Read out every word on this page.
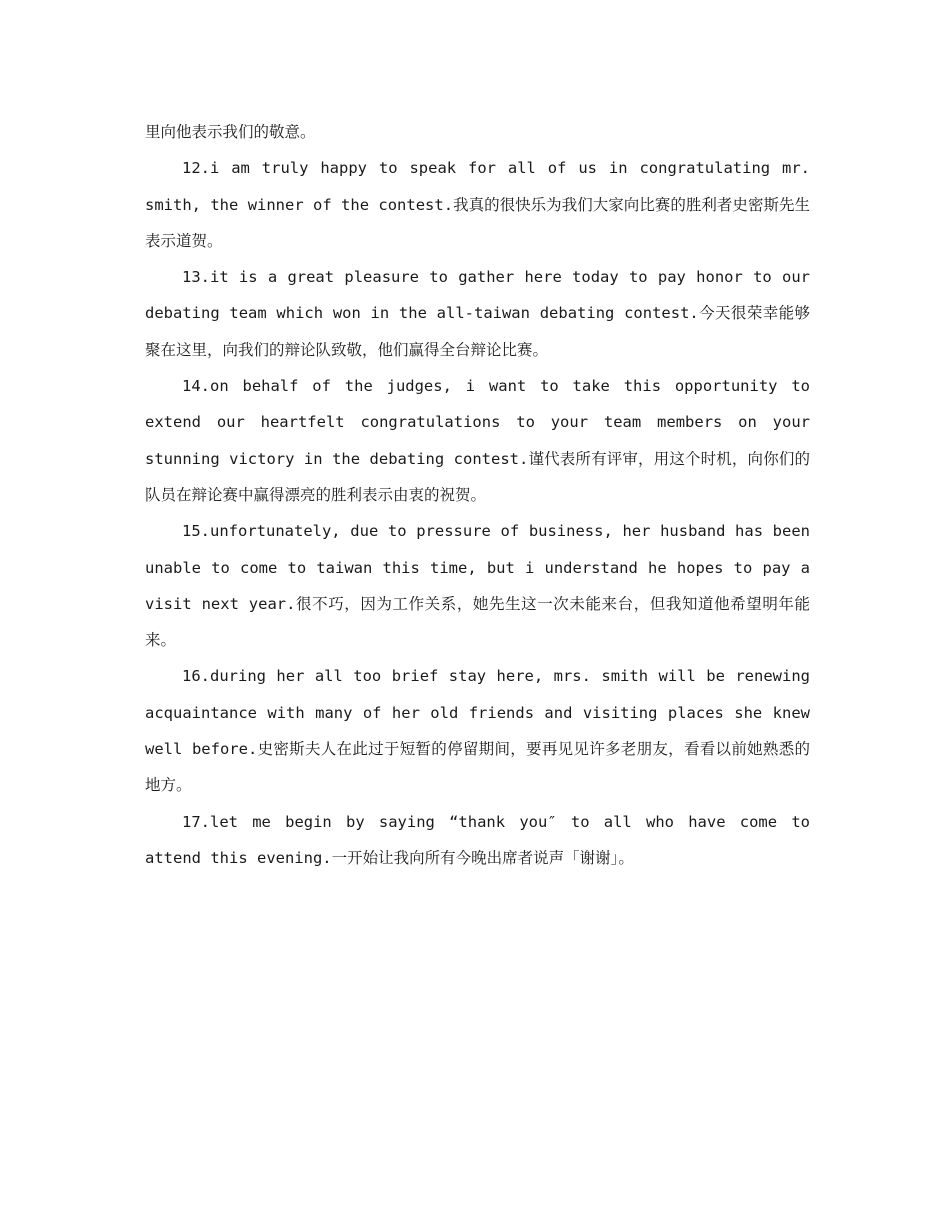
里向他表示我们的敬意。

12.i am truly happy to speak for all of us in congratulating mr. smith, the winner of the contest.我真的很快乐为我们大家向比赛的胜利者史密斯先生表示道贺。

13.it is a great pleasure to gather here today to pay honor to our debating team which won in the all-taiwan debating contest.今天很荣幸能够聚在这里，向我们的辩论队致敬，他们赢得全台辩论比赛。

14.on behalf of the judges, i want to take this opportunity to extend our heartfelt congratulations to your team members on your stunning victory in the debating contest.谨代表所有评审，用这个时机，向你们的队员在辩论赛中赢得漂亮的胜利表示由衷的祝贺。

15.unfortunately, due to pressure of business, her husband has been unable to come to taiwan this time, but i understand he hopes to pay a visit next year.很不巧，因为工作关系，她先生这一次未能来台，但我知道他希望明年能来。

16.during her all too brief stay here, mrs. smith will be renewing acquaintance with many of her old friends and visiting places she knew well before.史密斯夫人在此过于短暂的停留期间，要再见见许多老朋友，看看以前她熟悉的地方。

17.let me begin by saying “thank you″ to all who have come to attend this evening.一开始让我向所有今晚出席者说声「谢谢」。
